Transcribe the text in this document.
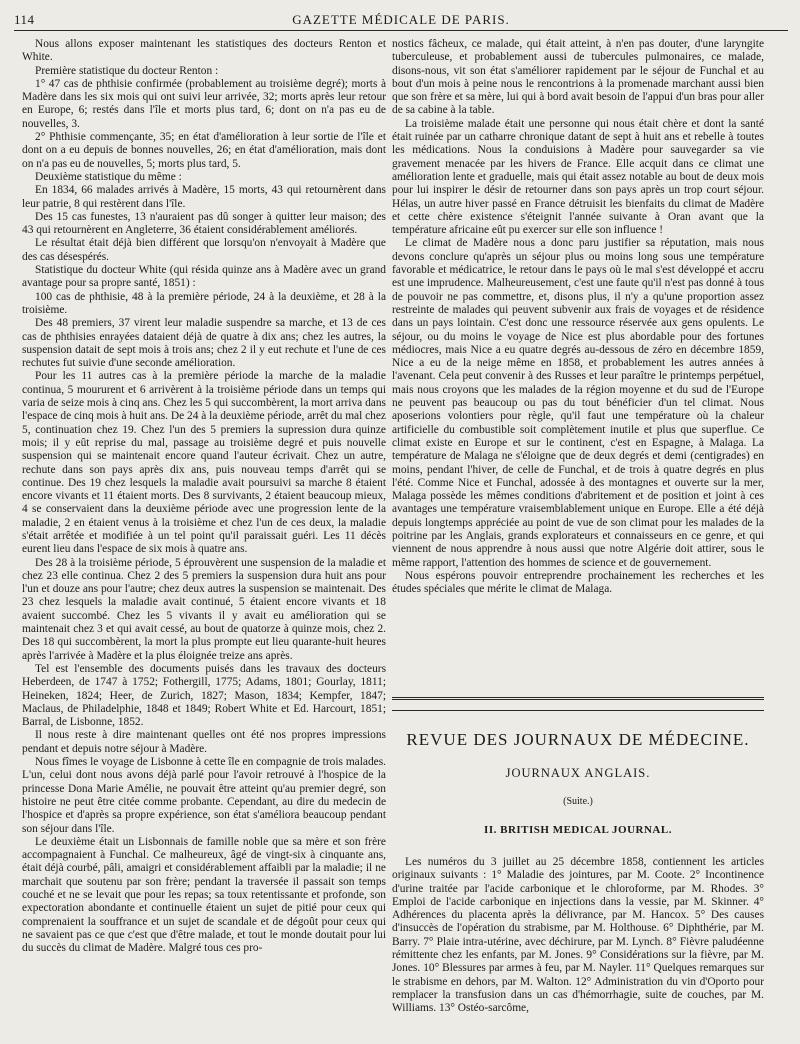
114	GAZETTE MÉDICALE DE PARIS.

Nous allons exposer maintenant les statistiques des docteurs Renton et White.

Première statistique du docteur Renton :

1° 47 cas de phthisie confirmée (probablement au troisième degré); morts à Madère dans les six mois qui ont suivi leur arrivée, 32; morts après leur retour en Europe, 6; restés dans l'île et morts plus tard, 6; dont on n'a pas eu de nouvelles, 3.

2° Phthisie commençante, 35; en état d'amélioration à leur sortie de l'île et dont on a eu depuis de bonnes nouvelles, 26; en état d'amélioration, mais dont on n'a pas eu de nouvelles, 5; morts plus tard, 5.

Deuxième statistique du même :

En 1834, 66 malades arrivés à Madère, 15 morts, 43 qui retournèrent dans leur patrie, 8 qui restèrent dans l'île.

Des 15 cas funestes, 13 n'auraient pas dû songer à quitter leur maison; des 43 qui retournèrent en Angleterre, 36 étaient considérablement améliorés.

Le résultat était déjà bien différent que lorsqu'on n'envoyait à Madère que des cas désespérés.

Statistique du docteur White (qui résida quinze ans à Madère avec un grand avantage pour sa propre santé, 1851) :

100 cas de phthisie, 48 à la première période, 24 à la deuxième, et 28 à la troisième.

Des 48 premiers, 37 virent leur maladie suspendre sa marche, et 13 de ces cas de phthisies enrayées dataient déjà de quatre à dix ans; chez les autres, la suspension datait de sept mois à trois ans; chez 2 il y eut rechute et l'une de ces rechutes fut suivie d'une seconde amélioration.

Pour les 11 autres cas à la première période la marche de la maladie continua, 5 moururent et 6 arrivèrent à la troisième période dans un temps qui varia de seize mois à cinq ans. Chez les 5 qui succombèrent, la mort arriva dans l'espace de cinq mois à huit ans. De 24 à la deuxième période, arrêt du mal chez 5, continuation chez 19. Chez l'un des 5 premiers la supression dura quinze mois; il y eût reprise du mal, passage au troisième degré et puis nouvelle suspension qui se maintenait encore quand l'auteur écrivait. Chez un autre, rechute dans son pays après dix ans, puis nouveau temps d'arrêt qui se continue. Des 19 chez lesquels la maladie avait poursuivi sa marche 8 étaient encore vivants et 11 étaient morts. Des 8 survivants, 2 étaient beaucoup mieux, 4 se conservaient dans la deuxième période avec une progression lente de la maladie, 2 en étaient venus à la troisième et chez l'un de ces deux, la maladie s'était arrêtée et modifiée à un tel point qu'il paraissait guéri. Les 11 décès eurent lieu dans l'espace de six mois à quatre ans.

Des 28 à la troisième période, 5 éprouvèrent une suspension de la maladie et chez 23 elle continua. Chez 2 des 5 premiers la suspension dura huit ans pour l'un et douze ans pour l'autre; chez deux autres la suspension se maintenait. Des 23 chez lesquels la maladie avait continué, 5 étaient encore vivants et 18 avaient succombé. Chez les 5 vivants il y avait eu amélioration qui se maintenait chez 3 et qui avait cessé, au bout de quatorze à quinze mois, chez 2. Des 18 qui succombèrent, la mort la plus prompte eut lieu quarante-huit heures après l'arrivée à Madère et la plus éloignée treize ans après.

Tel est l'ensemble des documents puisés dans les travaux des docteurs Heberdeen, de 1747 à 1752; Fothergill, 1775; Adams, 1801; Gourlay, 1811; Heineken, 1824; Heer, de Zurich, 1827; Mason, 1834; Kempfer, 1847; Maclaus, de Philadelphie, 1848 et 1849; Robert White et Ed. Harcourt, 1851; Barral, de Lisbonne, 1852.

Il nous reste à dire maintenant quelles ont été nos propres impressions pendant et depuis notre séjour à Madère.

Nous fîmes le voyage de Lisbonne à cette île en compagnie de trois malades. L'un, celui dont nous avons déjà parlé pour l'avoir retrouvé à l'hospice de la princesse Dona Marie Amélie, ne pouvait être atteint qu'au premier degré, son histoire ne peut être citée comme probante. Cependant, au dire du medecin de l'hospice et d'après sa propre expérience, son état s'améliora beaucoup pendant son séjour dans l'île.

Le deuxième était un Lisbonnais de famille noble que sa mère et son frère accompagnaient à Funchal. Ce malheureux, âgé de vingt-six à cinquante ans, était déjà courbé, pâli, amaigri et considérablement affaibli par la maladie; il ne marchait que soutenu par son frère; pendant la traversée il passait son temps couché et ne se levait que pour les repas; sa toux retentissante et profonde, son expectoration abondante et continuelle étaient un sujet de pitié pour ceux qui comprenaient la souffrance et un sujet de scandale et de dégoût pour ceux qui ne savaient pas ce que c'est que d'être malade, et tout le monde doutait pour lui du succès du climat de Madère. Malgré tous ces pro-

nostics fâcheux, ce malade, qui était atteint, à n'en pas douter, d'une laryngite tuberculeuse, et probablement aussi de tubercules pulmonaires, ce malade, disons-nous, vit son état s'améliorer rapidement par le séjour de Funchal et au bout d'un mois à peine nous le rencontrions à la promenade marchant aussi bien que son frère et sa mère, lui qui à bord avait besoin de l'appui d'un bras pour aller de sa cabine à la table.

La troisième malade était une personne qui nous était chère et dont la santé était ruinée par un catharre chronique datant de sept à huit ans et rebelle à toutes les médications. Nous la conduisions à Madère pour sauvegarder sa vie gravement menacée par les hivers de France. Elle acquit dans ce climat une amélioration lente et graduelle, mais qui était assez notable au bout de deux mois pour lui inspirer le désir de retourner dans son pays après un trop court séjour. Hélas, un autre hiver passé en France détruisit les bienfaits du climat de Madère et cette chère existence s'éteignit l'année suivante à Oran avant que la température africaine eût pu exercer sur elle son influence !

Le climat de Madère nous a donc paru justifier sa réputation, mais nous devons conclure qu'après un séjour plus ou moins long sous une température favorable et médicatrice, le retour dans le pays où le mal s'est développé et accru est une imprudence. Malheureusement, c'est une faute qu'il n'est pas donné à tous de pouvoir ne pas commettre, et, disons plus, il n'y a qu'une proportion assez restreinte de malades qui peuvent subvenir aux frais de voyages et de résidence dans un pays lointain. C'est donc une ressource réservée aux gens opulents. Le séjour, ou du moins le voyage de Nice est plus abordable pour des fortunes médiocres, mais Nice a eu quatre degrés au-dessous de zéro en décembre 1859, Nice a eu de la neige même en 1858, et probablement les autres années à l'avenant. Cela peut convenir à des Russes et leur paraître le printemps perpétuel, mais nous croyons que les malades de la région moyenne et du sud de l'Europe ne peuvent pas beaucoup ou pas du tout bénéficier d'un tel climat. Nous aposerions volontiers pour règle, qu'il faut une température où la chaleur artificielle du combustible soit complètement inutile et plus que superflue. Ce climat existe en Europe et sur le continent, c'est en Espagne, à Malaga. La température de Malaga ne s'éloigne que de deux degrés et demi (centigrades) en moins, pendant l'hiver, de celle de Funchal, et de trois à quatre degrés en plus l'été. Comme Nice et Funchal, adossée à des montagnes et ouverte sur la mer, Malaga possède les mêmes conditions d'abritement et de position et joint à ces avantages une température vraisemblablement unique en Europe. Elle a été déjà depuis longtemps appréciée au point de vue de son climat pour les malades de la poitrine par les Anglais, grands explorateurs et connaisseurs en ce genre, et qui viennent de nous apprendre à nous aussi que notre Algérie doit attirer, sous le même rapport, l'attention des hommes de science et de gouvernement.

Nous espérons pouvoir entreprendre prochainement les recherches et les études spéciales que mérite le climat de Malaga.

REVUE DES JOURNAUX DE MÉDECINE.
JOURNAUX ANGLAIS.
(Suite.)
II. BRITISH MEDICAL JOURNAL.

Les numéros du 3 juillet au 25 décembre 1858, contiennent les articles originaux suivants : 1° Maladie des jointures, par M. Coote. 2° Incontinence d'urine traitée par l'acide carbonique et le chloroforme, par M. Rhodes. 3° Emploi de l'acide carbonique en injections dans la vessie, par M. Skinner. 4° Adhérences du placenta après la délivrance, par M. Hancox. 5° Des causes d'insuccès de l'opération du strabisme, par M. Holthouse. 6° Diphthérie, par M. Barry. 7° Plaie intra-utérine, avec déchirure, par M. Lynch. 8° Fièvre paludéenne rémittente chez les enfants, par M. Jones. 9° Considérations sur la fièvre, par M. Jones. 10° Blessures par armes à feu, par M. Nayler. 11° Quelques remarques sur le strabisme en dehors, par M. Walton. 12° Administration du vin d'Oporto pour remplacer la transfusion dans un cas d'hémorrhagie, suite de couches, par M. Williams. 13° Ostéo-sarcôme,
